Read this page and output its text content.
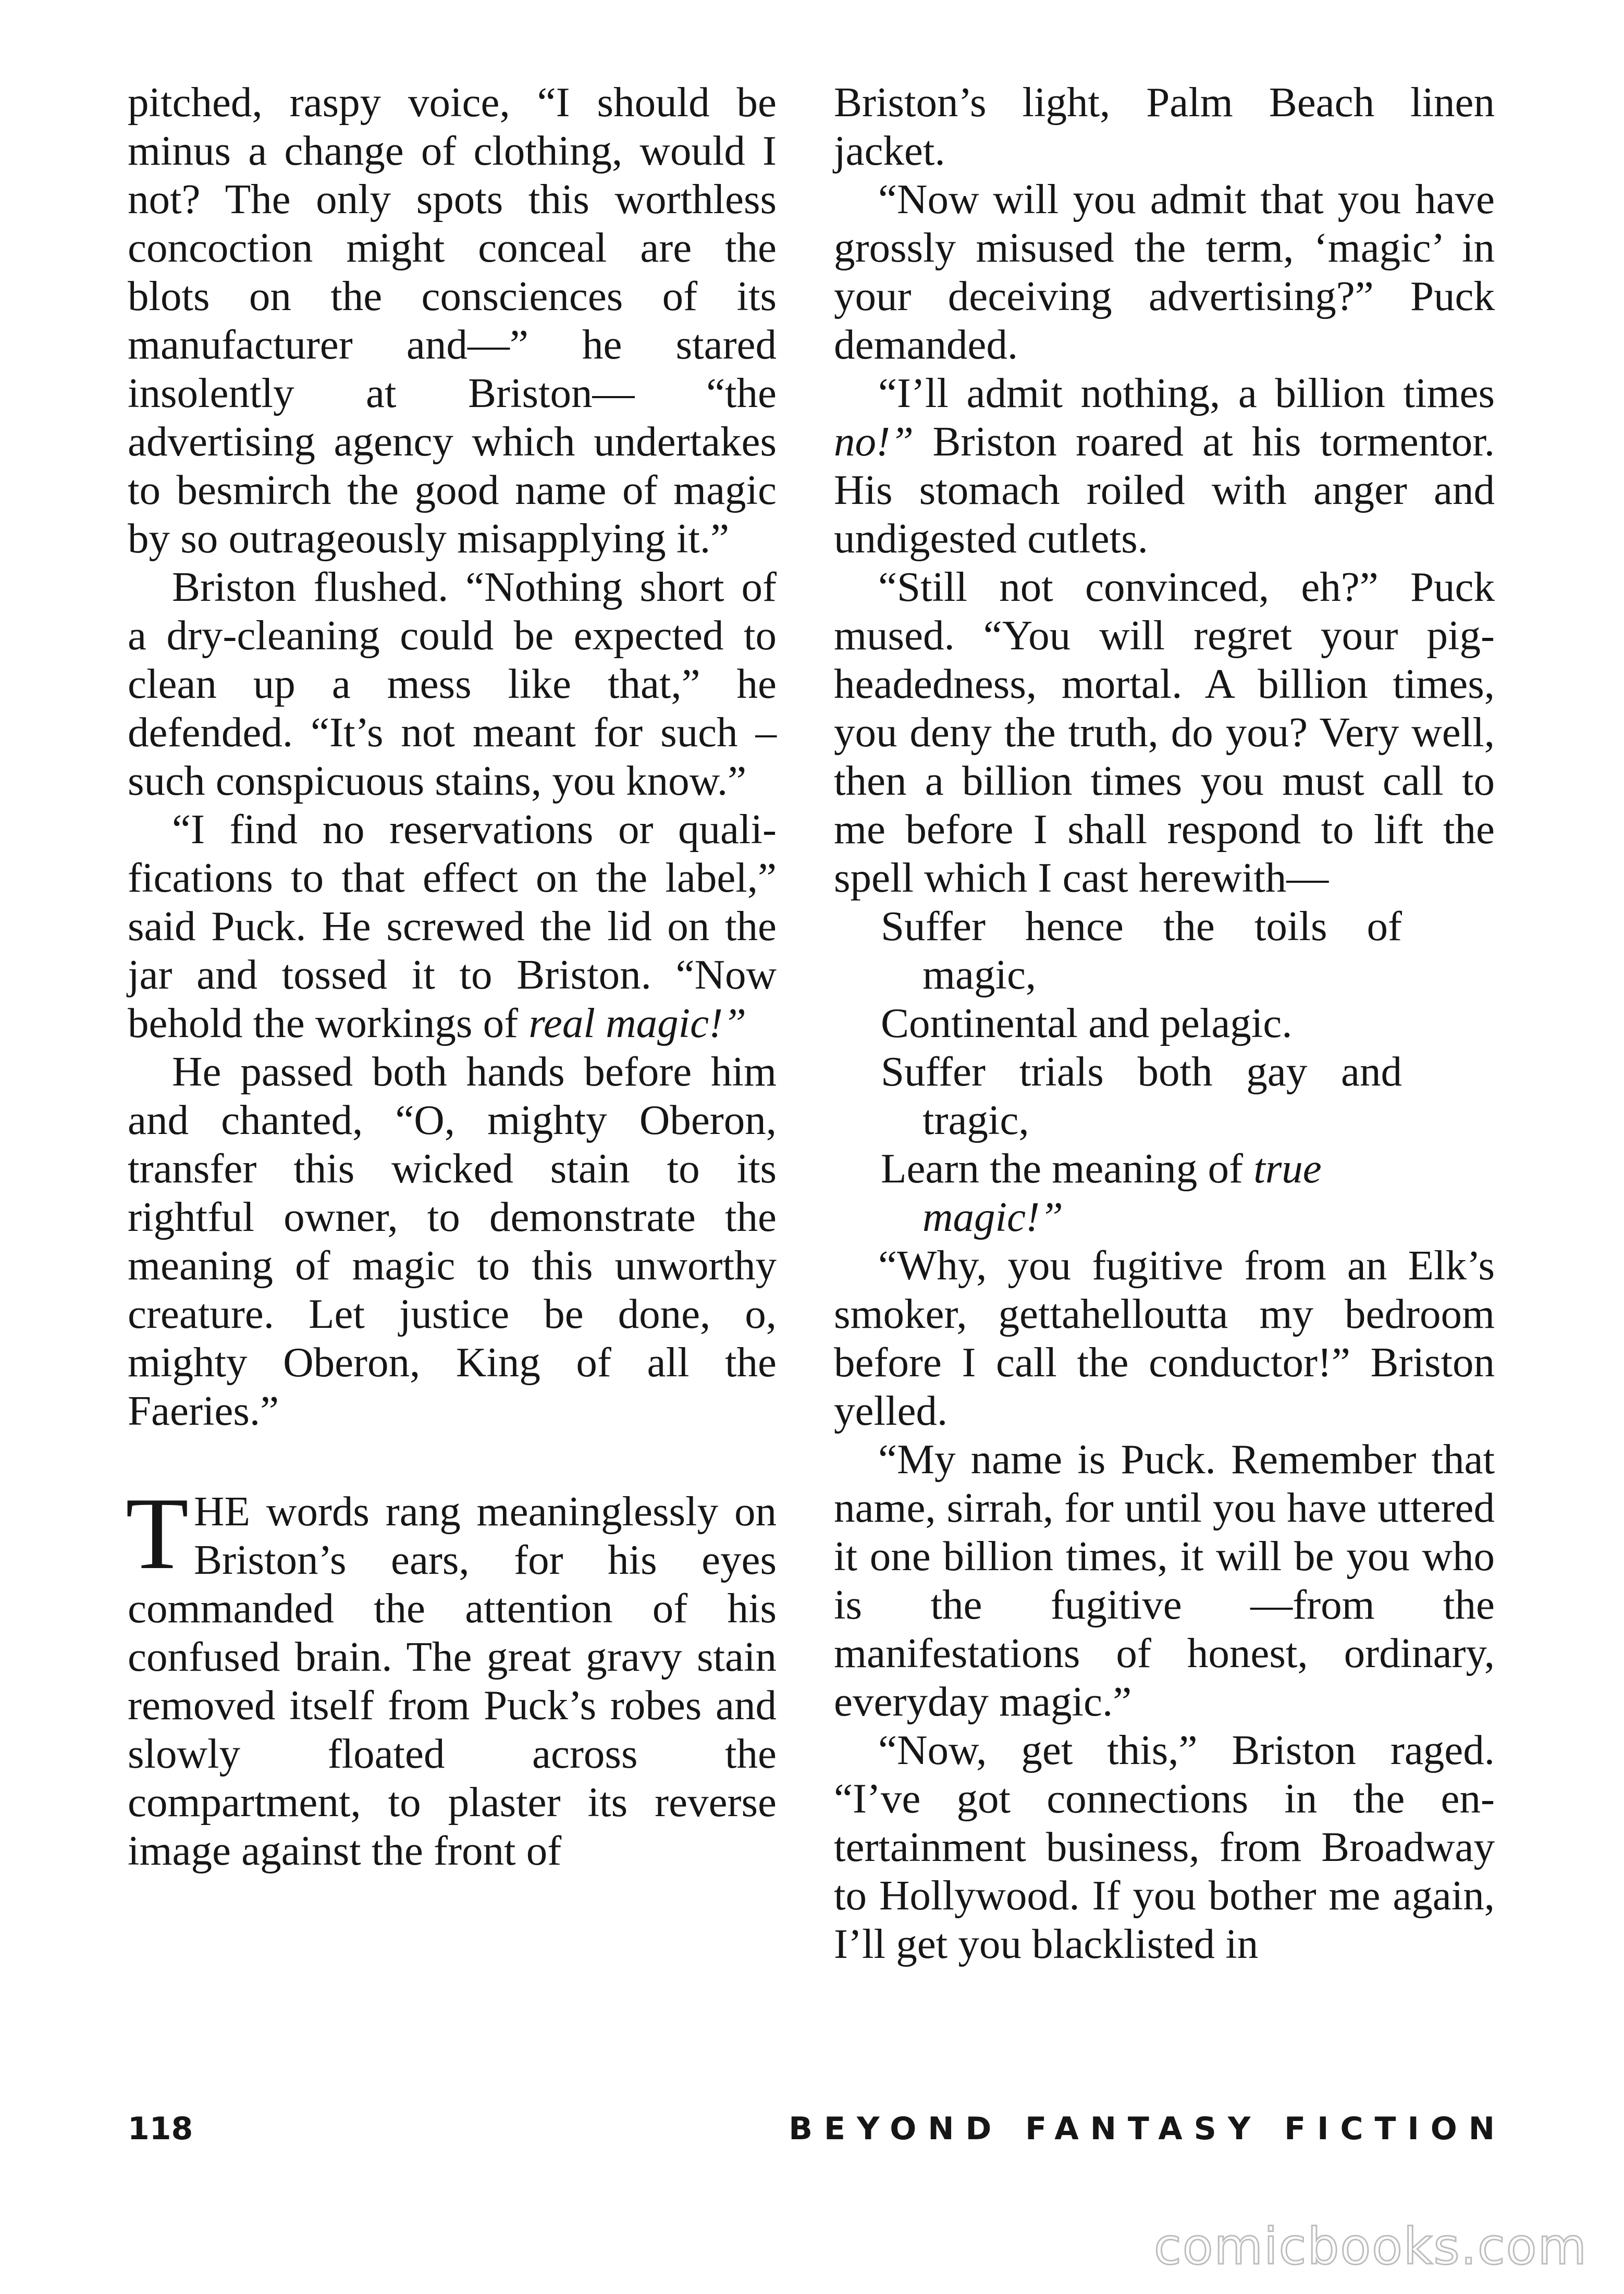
pitched, raspy voice, “I should be minus a change of clothing, would I not? The only spots this worthless concoction might conceal are the blots on the consciences of its manufacturer and—” he stared insolently at Briston— “the advertising agency which undertakes to besmirch the good name of magic by so outrageously misapplying it.”

Briston flushed. “Nothing short of a dry-cleaning could be expected to clean up a mess like that,” he defended. “It’s not meant for such – such conspicuous stains, you know.”

“I find no reservations or qualifications to that effect on the label,” said Puck. He screwed the lid on the jar and tossed it to Briston. “Now behold the workings of real magic!”

He passed both hands before him and chanted, “O, mighty Oberon, transfer this wicked stain to its rightful owner, to demonstrate the meaning of magic to this unworthy creature. Let justice be done, o, mighty Oberon, King of all the Faeries.”

THE words rang meaninglessly on Briston’s ears, for his eyes commanded the attention of his confused brain. The great gravy stain removed itself from Puck’s robes and slowly floated across the compartment, to plaster its reverse image against the front of

Briston’s light, Palm Beach linen jacket.

“Now will you admit that you have grossly misused the term, ‘magic’ in your deceiving advertising?” Puck demanded.

“I’ll admit nothing, a billion times no!” Briston roared at his tormentor. His stomach roiled with anger and undigested cutlets.

“Still not convinced, eh?” Puck mused. “You will regret your pigheadedness, mortal. A billion times, you deny the truth, do you? Very well, then a billion times you must call to me before I shall respond to lift the spell which I cast herewith—

Suffer hence the toils of
magic,
Continental and pelagic.
Suffer trials both gay and
tragic,
Learn the meaning of true
magic!”

“Why, you fugitive from an Elk’s smoker, gettahelloutta my bedroom before I call the conductor!” Briston yelled.

“My name is Puck. Remember that name, sirrah, for until you have uttered it one billion times, it will be you who is the fugitive —from the manifestations of honest, ordinary, everyday magic.”

“Now, get this,” Briston raged. “I’ve got connections in the entertainment business, from Broadway to Hollywood. If you bother me again, I’ll get you blacklisted in

118	BEYOND FANTASY FICTION
comicbooks.com
